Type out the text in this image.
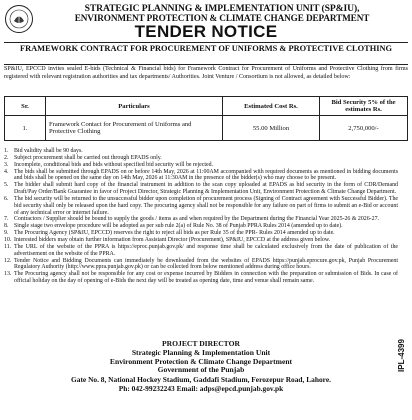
STRATEGIC PLANNING & IMPLEMENTATION UNIT (SP&IU),
ENVIRONMENT PROTECTION & CLIMATE CHANGE DEPARTMENT
TENDER NOTICE
FRAMEWORK CONTRACT FOR PROCUREMENT OF UNIFORMS & PROTECTIVE CLOTHING
SP&IU, EPCCD invites sealed E-bids (Technical & Financial bids) for Framework Contract for Procurement of Uniforms and Protective Clothing from firms registered with relevant registration authorities and tax departments/ Authorities. Joint Venture / Consortium is not allowed, as detailed below:
Sr.	Particulars	Estimated Cost Rs.	Bid Security 5% of the estimates Rs.
1.	Framework Contact for Procurement of Uniforms and Protective Clothing	55.00 Million	2,750,000/-
1. Bid validity shall be 90 days.
2. Subject procurement shall be carried out through EPADS only.
3. Incomplete, conditional bids and bids without specified bid security will be rejected.
4. The bids shall be submitted through EPADS on or before 14th May, 2026 at 11:00AM accompanied with required documents as mentioned in bidding documents and bids shall be opened on the same day on 14th May, 2026 at 11:30AM in the presence of the bidder(s) who may choose to be present.
5. The bidder shall submit hard copy of the financial instrument in addition to the scan copy uploaded at EPADS as bid security in the form of CDR/Demand Draft/Pay Order/Bank Guarantee in favor of Project Director, Strategic Planning & Implementation Unit, Environment Protection & Climate Change Department.
6. The bid security will be returned to the unsuccessful bidder upon completion of procurement process (Signing of Contract agreement with Successful Bidder). The bid security shall only be released upon the hard copy. The procuring agency shall not be responsible for any failure on part of firms to submit an e-Bid or account of any technical error or internet failure.
7. Contractors / Supplier should be bound to supply the goods / items as and when required by the Department during the Financial Year 2025-26 & 2026-27.
8. Single stage two envelope procedure will be adopted as per sub rule 2(a) of Rule No. 38 of Punjab PPRA Rules 2014 (amended up to date).
9. The Procuring Agency (SP&IU, EPCCD) reserves the right to reject all bids as per Rule 35 of the PPR- Rules 2014 amended up to date.
10. Interested bidders may obtain further information from Assistant Director (Procurement), SP&IU, EPCCD at the address given below.
11. The URL of the website of the PPRA is https://eproc.punjab.gov.pk/ and response time shall be calculated exclusively from the date of publication of the advertisement on the website of the PPRA.
12. Tender Notice and Bidding Documents can immediately be downloaded from the websites of EPADS https://punjab.eprocure.gov.pk, Punjab Procurement Regulatory Authority (http://www.ppra.punjab.gov.pk) or can be collected from below mentioned address during office hours.
13. The Procuring agency shall not be responsible for any cost or expense incurred by Bidders in connection with the preparation or submission of Bids. In case of official holiday on the day of opening of e-Bids the next day will be treated as opening date, time and venue shall remain same.
PROJECT DIRECTOR
Strategic Planning & Implementation Unit
Environment Protection & Climate Change Department
Government of the Punjab
Gate No. 8, National Hockey Stadium, Gaddafi Stadium, Ferozepur Road, Lahore.
Ph: 042-99232243 Email: adps@epcd.punjab.gov.pk
IPL-4399
